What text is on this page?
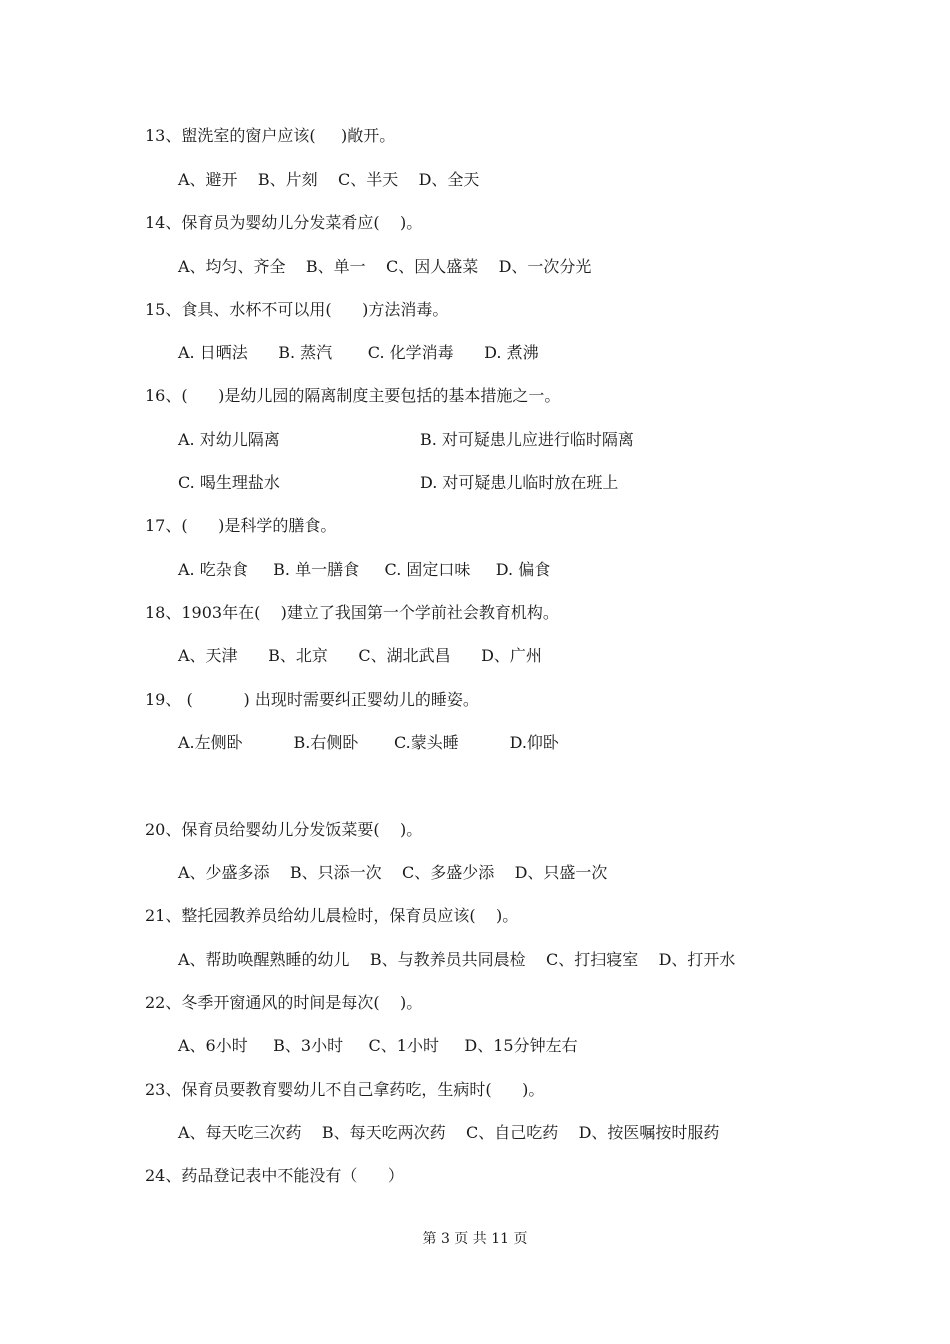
13、盥洗室的窗户应该(     )敞开。
A、避开    B、片刻    C、半天    D、全天
14、保育员为婴幼儿分发菜肴应(    )。
A、均匀、齐全    B、单一    C、因人盛菜    D、一次分光
15、食具、水杯不可以用(      )方法消毒。
A. 日晒法      B. 蒸汽       C. 化学消毒      D. 煮沸
16、(      )是幼儿园的隔离制度主要包括的基本措施之一。
A. 对幼儿隔离	B. 对可疑患儿应进行临时隔离
C. 喝生理盐水	D. 对可疑患儿临时放在班上
17、(      )是科学的膳食。
A. 吃杂食     B. 单一膳食     C. 固定口味     D. 偏食
18、1903年在(    )建立了我国第一个学前社会教育机构。
A、天津      B、北京      C、湖北武昌      D、广州
19、 (          ) 出现时需要纠正婴幼儿的睡姿。
A.左侧卧          B.右侧卧       C.蒙头睡          D.仰卧
20、保育员给婴幼儿分发饭菜要(    )。
A、少盛多添    B、只添一次    C、多盛少添    D、只盛一次
21、整托园教养员给幼儿晨检时，保育员应该(    )。
A、帮助唤醒熟睡的幼儿    B、与教养员共同晨检    C、打扫寝室    D、打开水
22、冬季开窗通风的时间是每次(    )。
A、6小时     B、3小时     C、1小时     D、15分钟左右
23、保育员要教育婴幼儿不自己拿药吃，生病时(      )。
A、每天吃三次药    B、每天吃两次药    C、自己吃药    D、按医嘱按时服药
24、药品登记表中不能没有（      ）
第 3 页 共 11 页
